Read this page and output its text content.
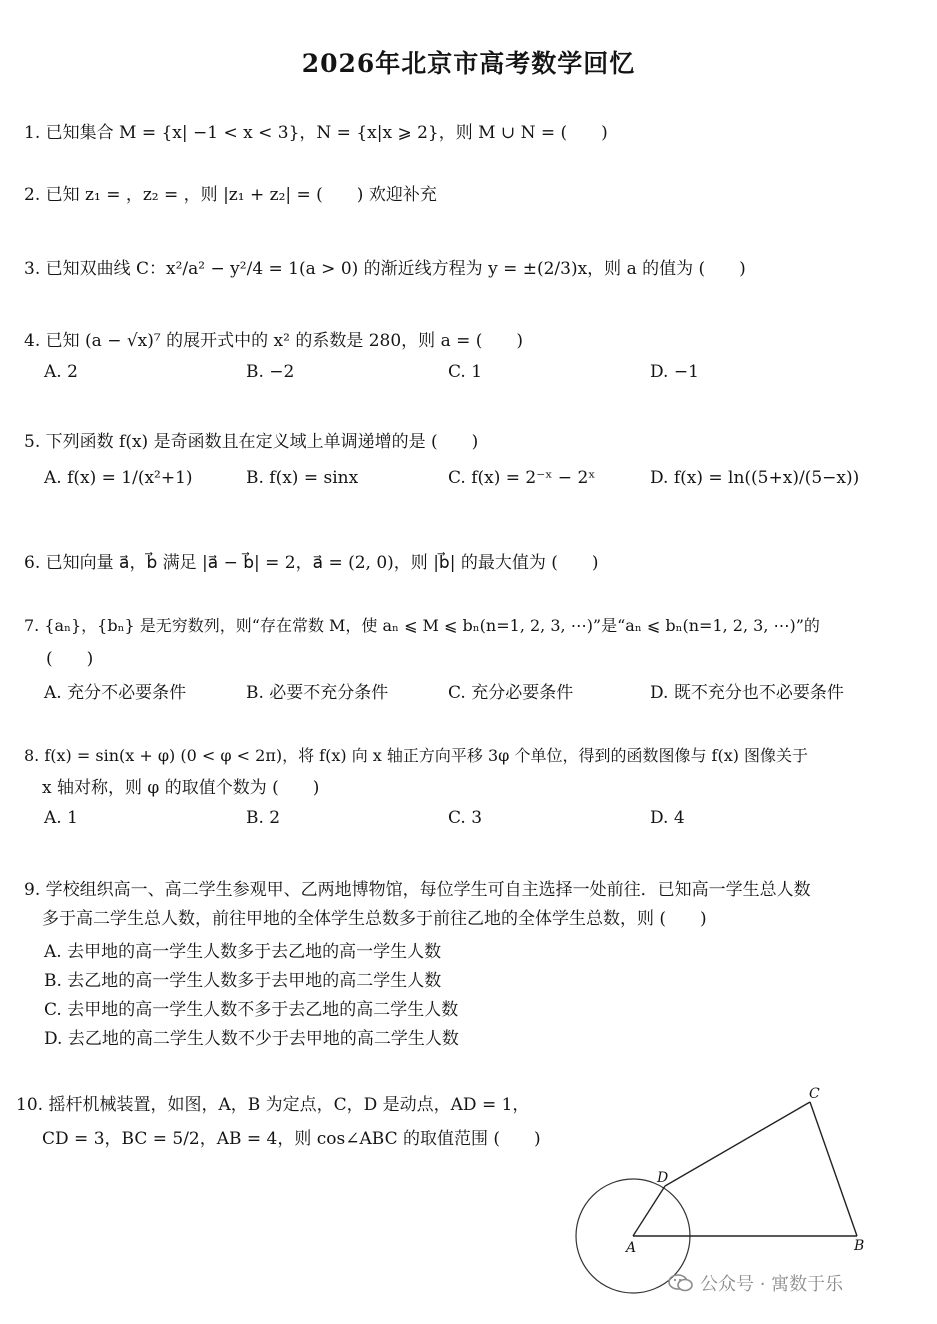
2026年北京市高考数学回忆
1. 已知集合 M = {x| −1 < x < 3}，N = {x|x ⩾ 2}，则 M ∪ N = (　　)
2. 已知 z₁ = ，z₂ = ，则 |z₁ + z₂| = (　　) 欢迎补充
3. 已知双曲线 C：x²/a² − y²/4 = 1(a > 0) 的渐近线方程为 y = ±(2/3)x，则 a 的值为 (　　)
4. 已知 (a − √x)⁷ 的展开式中的 x² 的系数是 280，则 a = (　　)
A. 2	B. −2	C. 1	D. −1
5. 下列函数 f(x) 是奇函数且在定义域上单调递增的是 (　　)
A. f(x) = 1/(x²+1)	B. f(x) = sinx	C. f(x) = 2⁻ˣ − 2ˣ	D. f(x) = ln((5+x)/(5−x))
6. 已知向量 a⃗，b⃗ 满足 |a⃗ − b⃗| = 2，a⃗ = (2, 0)，则 |b⃗| 的最大值为 (　　)
7. {aₙ}，{bₙ} 是无穷数列，则“存在常数 M，使 aₙ ⩽ M ⩽ bₙ(n=1, 2, 3, ⋯)”是“aₙ ⩽ bₙ(n=1, 2, 3, ⋯)”的
(　　)
A. 充分不必要条件	B. 必要不充分条件	C. 充分必要条件	D. 既不充分也不必要条件
8. f(x) = sin(x + φ) (0 < φ < 2π)，将 f(x) 向 x 轴正方向平移 3φ 个单位，得到的函数图像与 f(x) 图像关于
x 轴对称，则 φ 的取值个数为 (　　)
A. 1	B. 2	C. 3	D. 4
9. 学校组织高一、高二学生参观甲、乙两地博物馆，每位学生可自主选择一处前往．已知高一学生总人数
多于高二学生总人数，前往甲地的全体学生总数多于前往乙地的全体学生总数，则 (　　)
A. 去甲地的高一学生人数多于去乙地的高一学生人数
B. 去乙地的高一学生人数多于去甲地的高二学生人数
C. 去甲地的高一学生人数不多于去乙地的高二学生人数
D. 去乙地的高二学生人数不少于去甲地的高二学生人数
10. 摇杆机械装置，如图，A，B 为定点，C，D 是动点，AD = 1，
CD = 3，BC = 5/2，AB = 4，则 cos∠ABC 的取值范围 (　　)
A	B
C
D
公众号 · 寓数于乐
